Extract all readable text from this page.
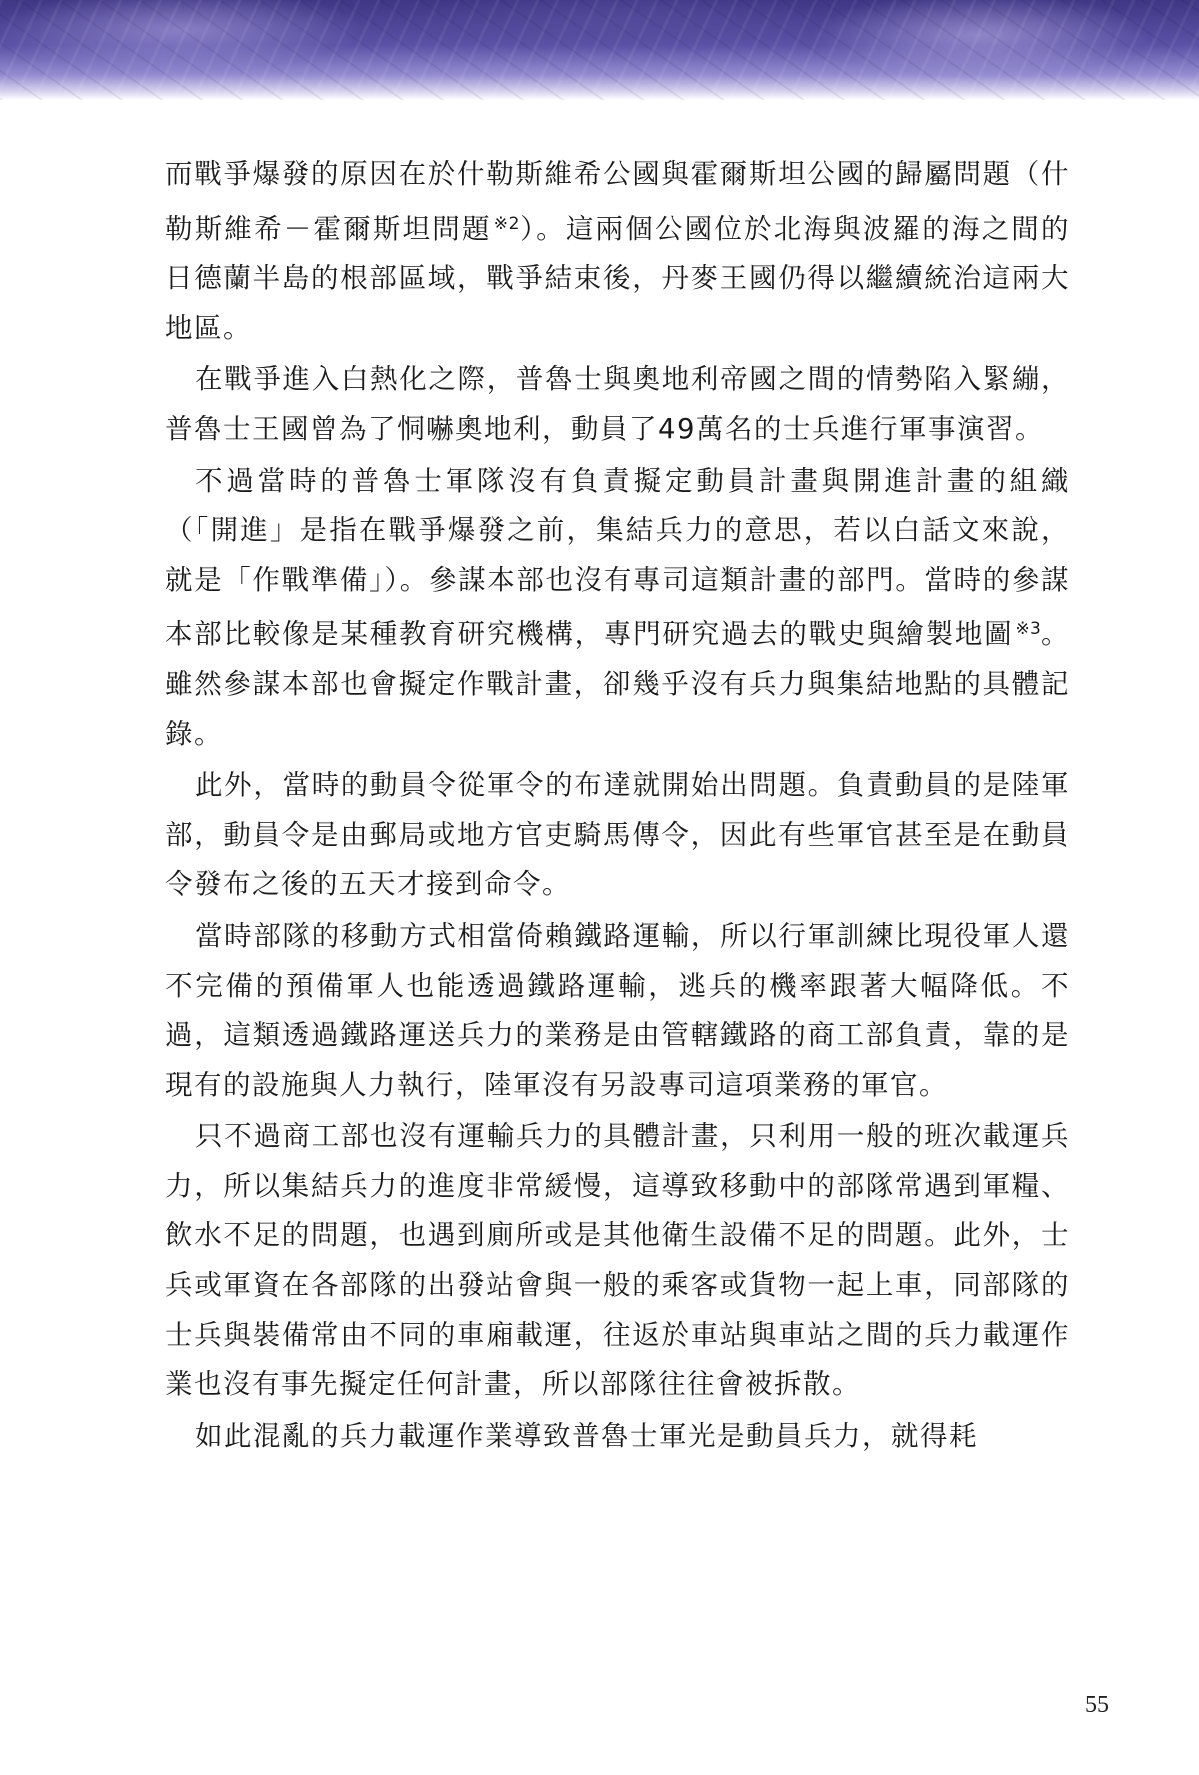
而戰爭爆發的原因在於什勒斯維希公國與霍爾斯坦公國的歸屬問題（什勒斯維希－霍爾斯坦問題 $^{※2}$）。這兩個公國位於北海與波羅的海之間的日德蘭半島的根部區域，戰爭結束後，丹麥王國仍得以繼續統治這兩大地區。

在戰爭進入白熱化之際，普魯士與奧地利帝國之間的情勢陷入緊繃，普魯士王國曾為了恫嚇奧地利，動員了49萬名的士兵進行軍事演習。

不過當時的普魯士軍隊沒有負責擬定動員計畫與開進計畫的組織（「開進」是指在戰爭爆發之前，集結兵力的意思，若以白話文來說，就是「作戰準備」）。參謀本部也沒有專司這類計畫的部門。當時的參謀本部比較像是某種教育研究機構，專門研究過去的戰史與繪製地圖 $^{※3}$。雖然參謀本部也會擬定作戰計畫，卻幾乎沒有兵力與集結地點的具體記錄。

此外，當時的動員令從軍令的布達就開始出問題。負責動員的是陸軍部，動員令是由郵局或地方官吏騎馬傳令，因此有些軍官甚至是在動員令發布之後的五天才接到命令。

當時部隊的移動方式相當倚賴鐵路運輸，所以行軍訓練比現役軍人還不完備的預備軍人也能透過鐵路運輸，逃兵的機率跟著大幅降低。不過，這類透過鐵路運送兵力的業務是由管轄鐵路的商工部負責，靠的是現有的設施與人力執行，陸軍沒有另設專司這項業務的軍官。

只不過商工部也沒有運輸兵力的具體計畫，只利用一般的班次載運兵力，所以集結兵力的進度非常緩慢，這導致移動中的部隊常遇到軍糧、飲水不足的問題，也遇到廁所或是其他衛生設備不足的問題。此外，士兵或軍資在各部隊的出發站會與一般的乘客或貨物一起上車，同部隊的士兵與裝備常由不同的車廂載運，往返於車站與車站之間的兵力載運作業也沒有事先擬定任何計畫，所以部隊往往會被拆散。

如此混亂的兵力載運作業導致普魯士軍光是動員兵力，就得耗

55
